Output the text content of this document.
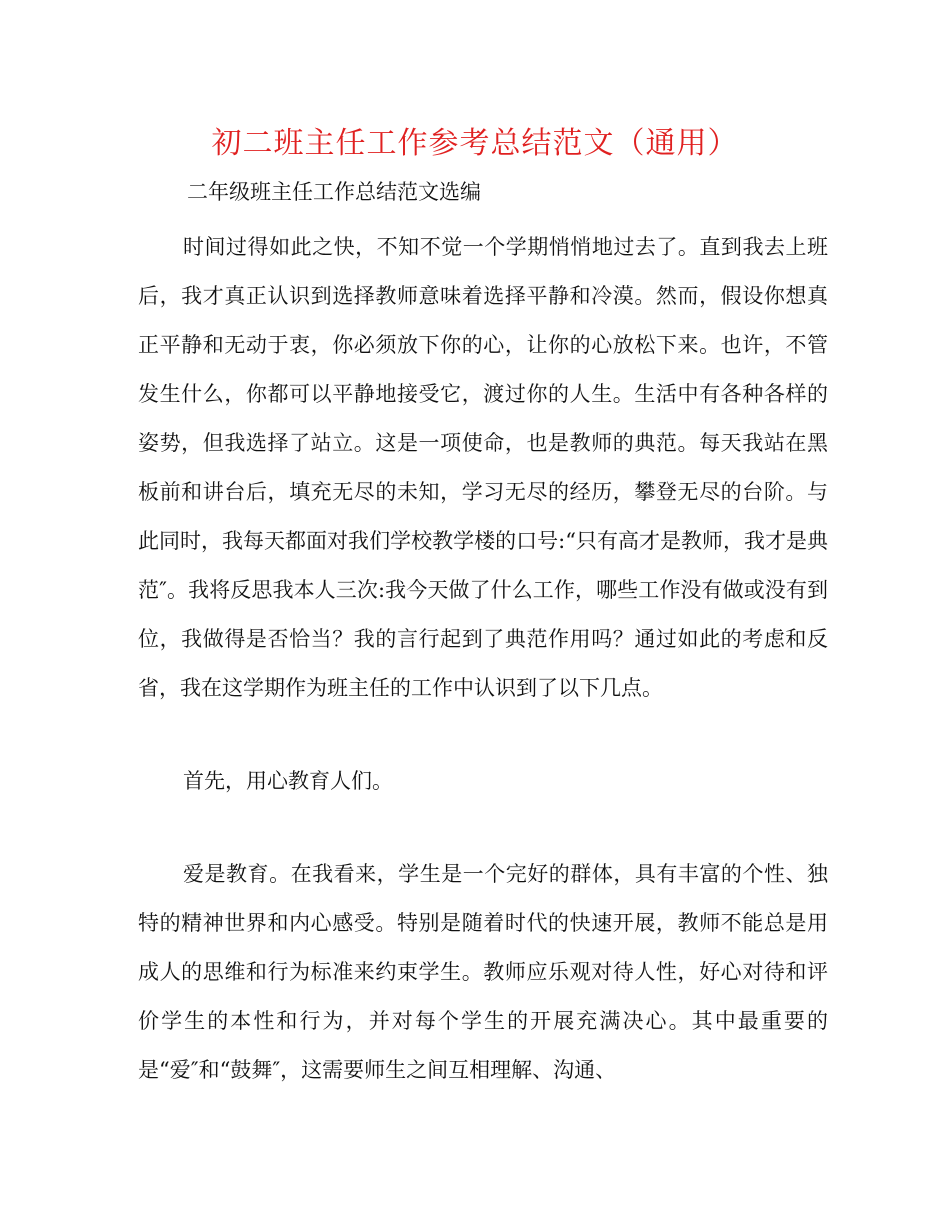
初二班主任工作参考总结范文（通用）
二年级班主任工作总结范文选编

时间过得如此之快，不知不觉一个学期悄悄地过去了。直到我去上班后，我才真正认识到选择教师意味着选择平静和冷漠。然而，假设你想真正平静和无动于衷，你必须放下你的心，让你的心放松下来。也许，不管发生什么，你都可以平静地接受它，渡过你的人生。生活中有各种各样的姿势，但我选择了站立。这是一项使命，也是教师的典范。每天我站在黑板前和讲台后，填充无尽的未知，学习无尽的经历，攀登无尽的台阶。与此同时，我每天都面对我们学校教学楼的口号:“只有高才是教师，我才是典范″。我将反思我本人三次:我今天做了什么工作，哪些工作没有做或没有到位，我做得是否恰当？我的言行起到了典范作用吗？通过如此的考虑和反省，我在这学期作为班主任的工作中认识到了以下几点。

首先，用心教育人们。

爱是教育。在我看来，学生是一个完好的群体，具有丰富的个性、独特的精神世界和内心感受。特别是随着时代的快速开展，教师不能总是用成人的思维和行为标准来约束学生。教师应乐观对待人性，好心对待和评价学生的本性和行为，并对每个学生的开展充满决心。其中最重要的是“爱″和“鼓舞″，这需要师生之间互相理解、沟通、
